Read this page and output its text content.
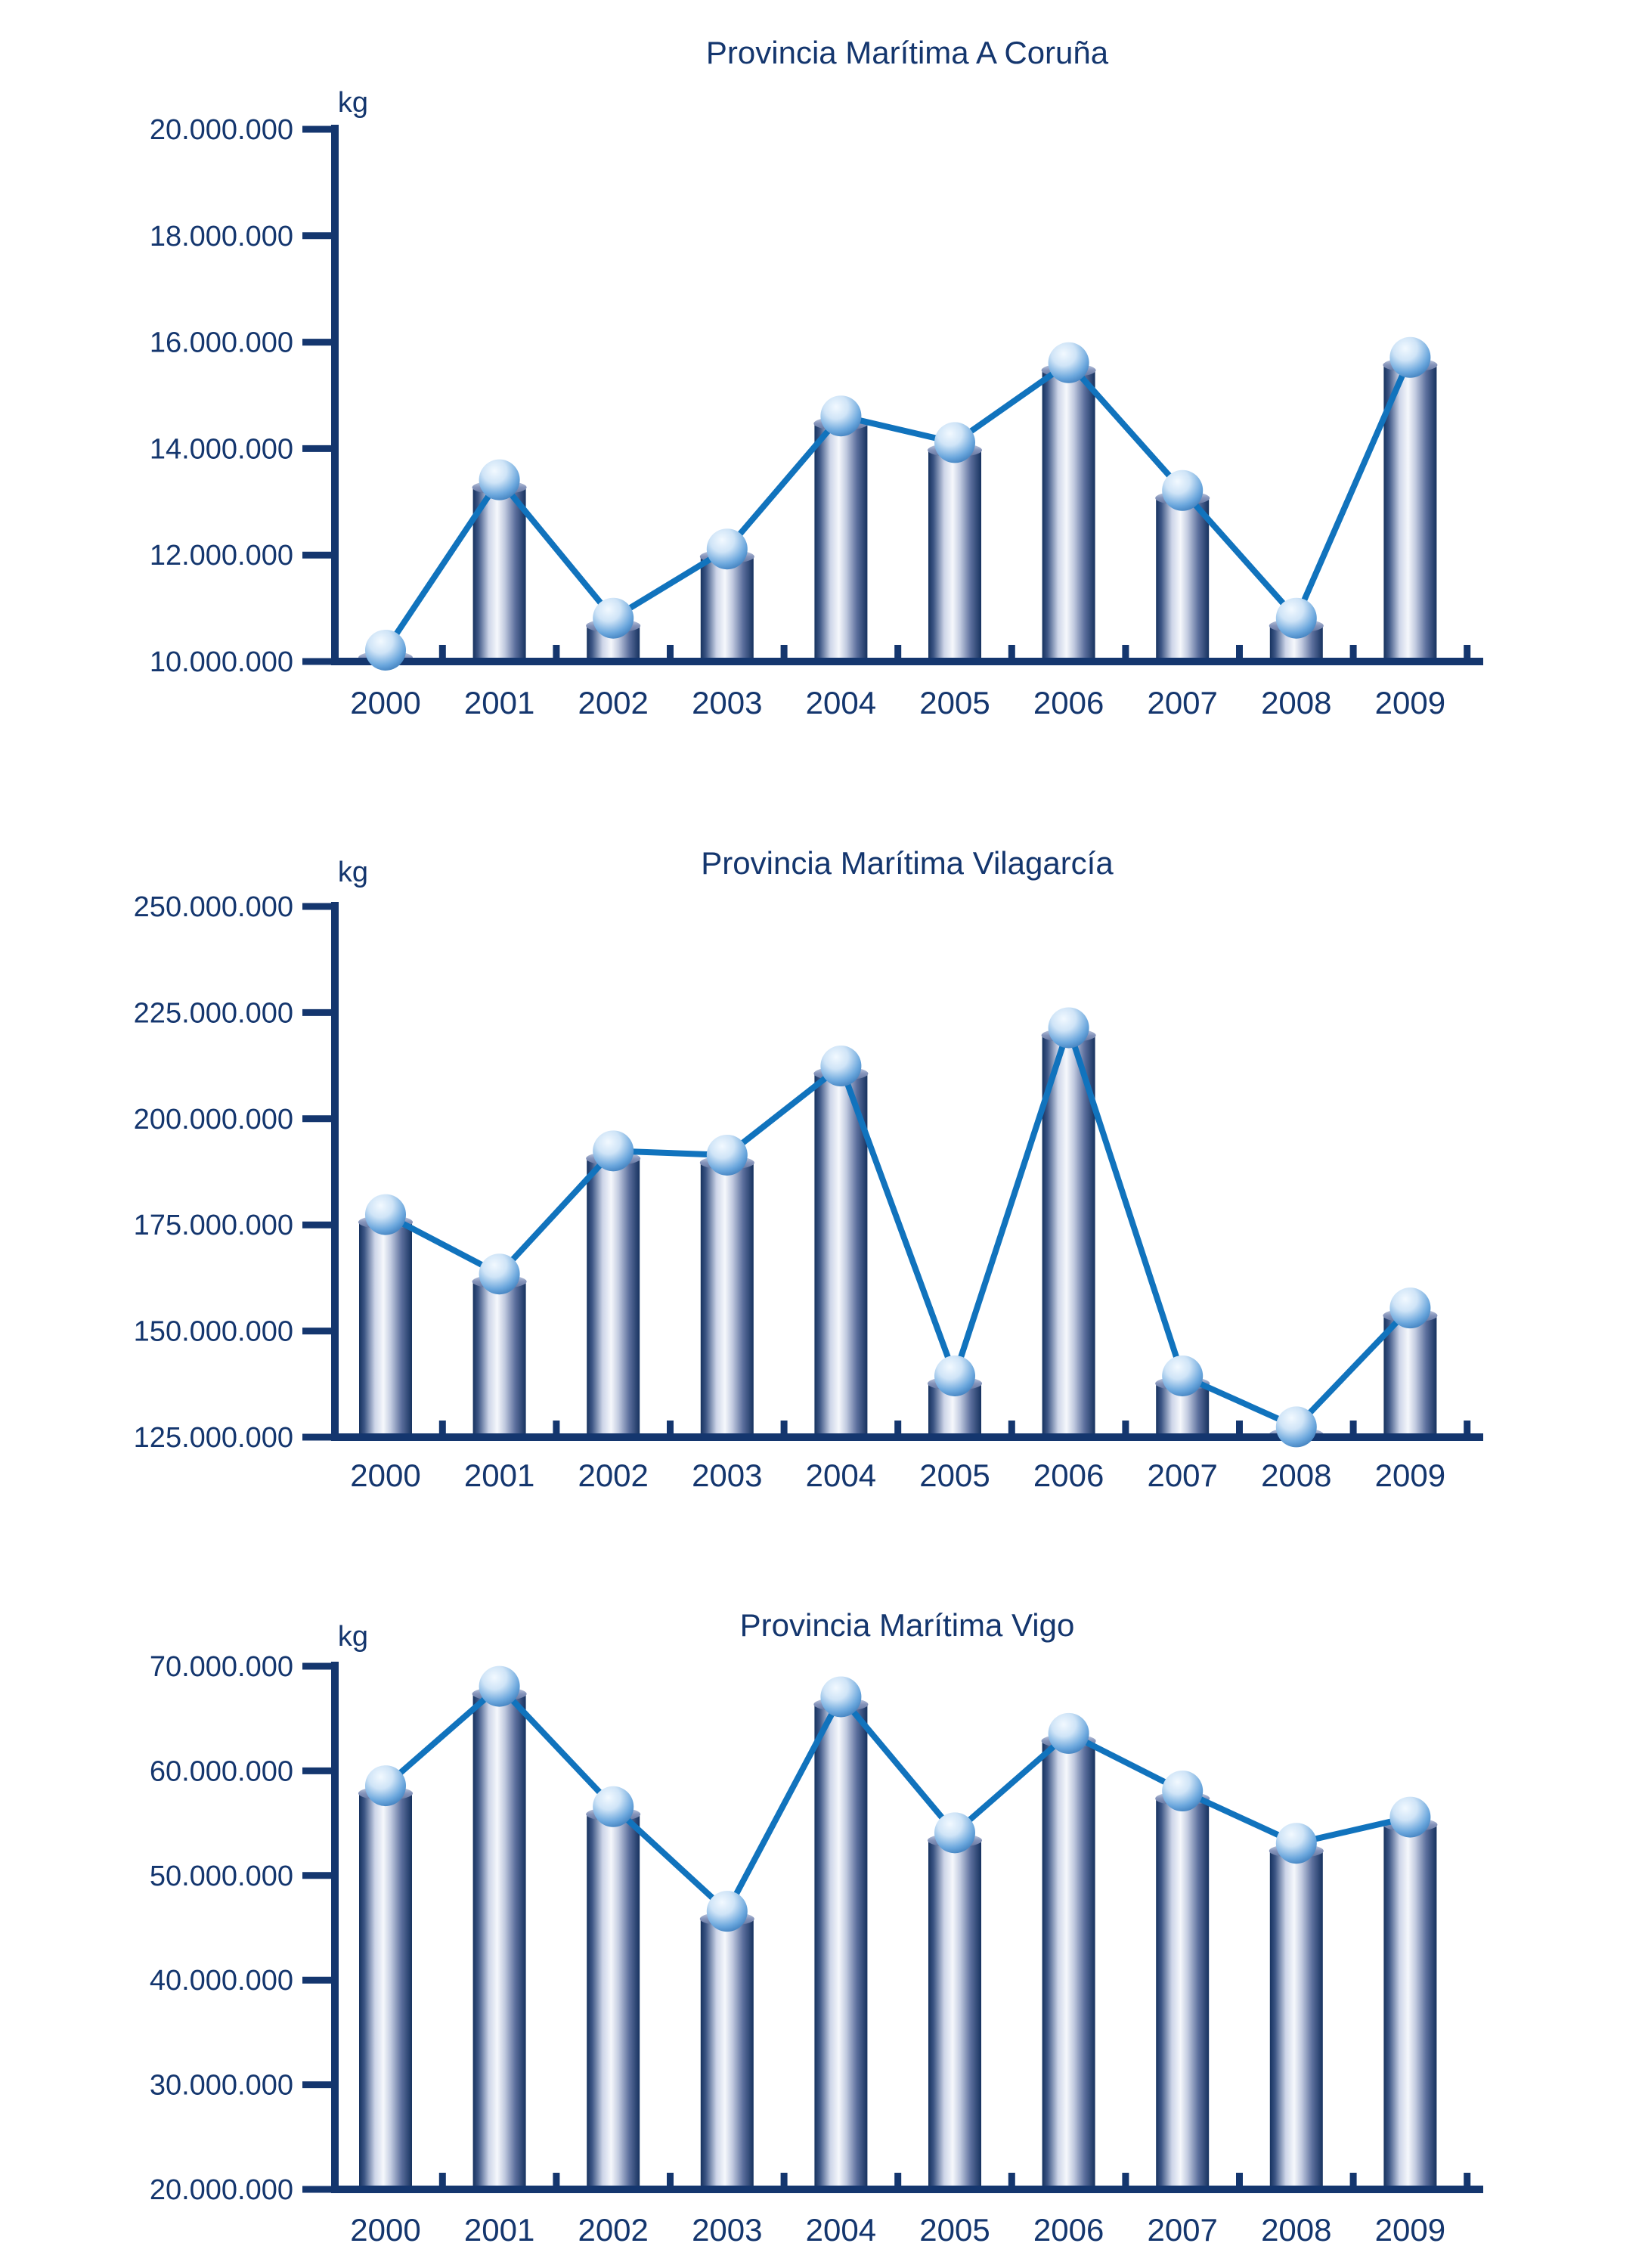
Provincia Marítima A Coruña
kg
20.000.000
18.000.000
16.000.000
14.000.000
12.000.000
10.000.000
2000 2001 2002 2003 2004 2005 2006 2007 2008 2009
Provincia Marítima Vilagarcía
kg
250.000.000
225.000.000
200.000.000
175.000.000
150.000.000
125.000.000
2000 2001 2002 2003 2004 2005 2006 2007 2008 2009
Provincia Marítima Vigo
kg
70.000.000
60.000.000
50.000.000
40.000.000
30.000.000
20.000.000
2000 2001 2002 2003 2004 2005 2006 2007 2008 2009
